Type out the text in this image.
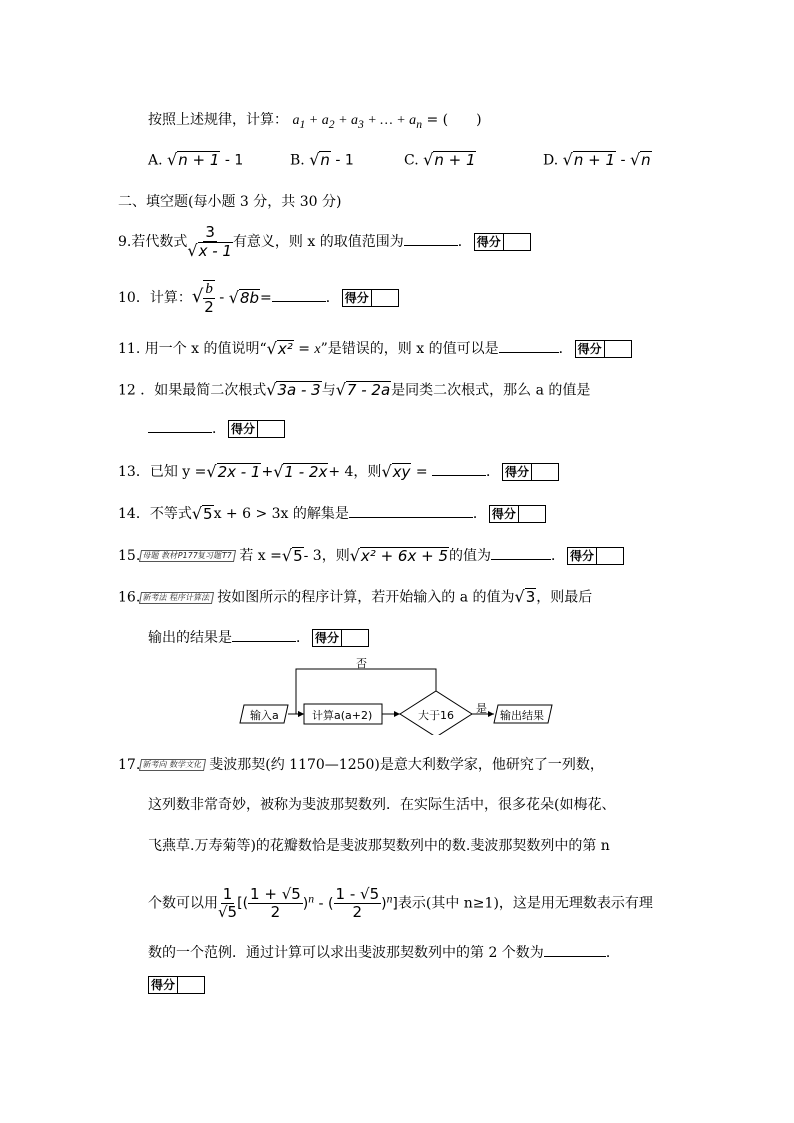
按照上述规律，计算： $a_1 + a_2 + a_3$ + … + $a_n$ = (　　)
A. √n + 1 - 1	B. √n - 1	C. √n + 1	D. √n + 1 - √n
二、填空题(每小题 3 分，共 30 分)
9.若代数式 $\frac{3}{√x - 1}$ 有意义，则 x 的取值范围为	． 得分
10．计算：√ $\frac{b}{2} - √8b=$	． 得分
11. 用一个 x 的值说明“√x² = x”是错误的，则 x 的值可以是	． 得分
12 ．如果最简二次根式√3a - 3与√7 - 2a是同类二次根式，那么 a 的值是
． 得分
13．已知 y =√2x - 1+√1 - 2x+ 4，则√xy =	． 得分
14．不等式√5x + 6 > 3x 的解集是	． 得分
15. 母题 教材P177复习题T7 若 x =√5- 3，则√x² + 6x + 5的值为	． 得分
16. 新考法 程序计算法 按如图所示的程序计算，若开始输入的 a 的值为√3，则最后
输出的结果是	． 得分
否
输入a	计算a(a+2)	大于16
是
输出结果
17. 新考向 数学文化 斐波那契(约 1170—1250)是意大利数学家，他研究了一列数，
这列数非常奇妙，被称为斐波那契数列．在实际生活中，很多花朵(如梅花、
飞燕草.万寿菊等)的花瓣数恰是斐波那契数列中的数.斐波那契数列中的第 n
个数可以用 $\frac{1}{√5}$ [( $\frac{1 + √5}{2} )^n$ - ( $\frac{1 - √5}{2} )^n$]表示(其中 n≥1)，这是用无理数表示有理
数的一个范例．通过计算可以求出斐波那契数列中的第 2 个数为	．
得分
